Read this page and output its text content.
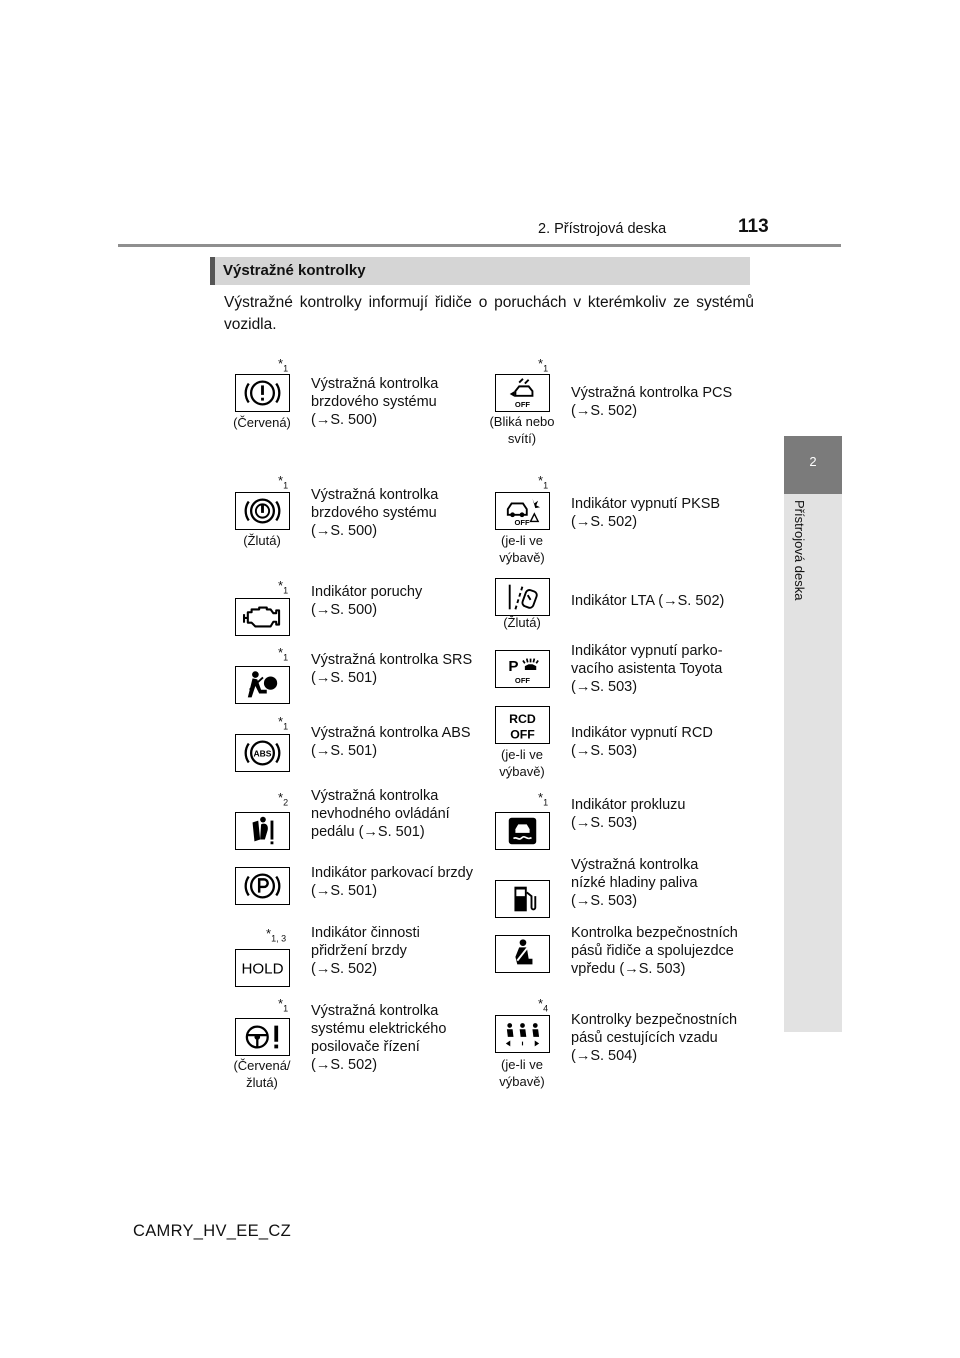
2. Přístrojová deska	113
2
Přístrojová deska
Výstražné kontrolky
Výstražné kontrolky informují řidiče o poruchách v kterémkoliv ze systémů vozidla.
$*_1$
(Červená)
Výstražná kontrolka
brzdového systému
(→S. 500)
$*_1$
(Žlutá)
Výstražná kontrolka
brzdového systému
(→S. 500)
$*_1$ Indikátor poruchy
(→S. 500)
$*_1$ Výstražná kontrolka SRS
(→S. 501)
$*_1$
ABS
Výstražná kontrolka ABS
(→S. 501)
$*_2$ Výstražná kontrolka
nevhodného ovládání
pedálu (→S. 501)
Indikátor parkovací brzdy
(→S. 501)
$*_{1, 3}$
HOLD
Indikátor činnosti
přidržení brzdy
(→S. 502)
$*_1$
(Červená/ žlutá)
Výstražná kontrolka
systému elektrického
posilovače řízení
(→S. 502)
$*_1$
OFF
(Bliká nebo svítí)
Výstražná kontrolka PCS
(→S. 502)
$*_1$
OFF
(je-li ve výbavě)
Indikátor vypnutí PKSB
(→S. 502)
(Žlutá)
Indikátor LTA (→S. 502)
P
OFF
Indikátor vypnutí parko-
vacího asistenta Toyota
(→S. 503)
RCD
OFF
(je-li ve výbavě)
Indikátor vypnutí RCD
(→S. 503)
$*_1$ Indikátor prokluzu
(→S. 503)
Výstražná kontrolka
nízké hladiny paliva
(→S. 503)
Kontrolka bezpečnostních
pásů řidiče a spolujezdce
vpředu (→S. 503)
$*_4$
(je-li ve výbavě)
Kontrolky bezpečnostních
pásů cestujících vzadu
(→S. 504)
CAMRY_HV_EE_CZ
